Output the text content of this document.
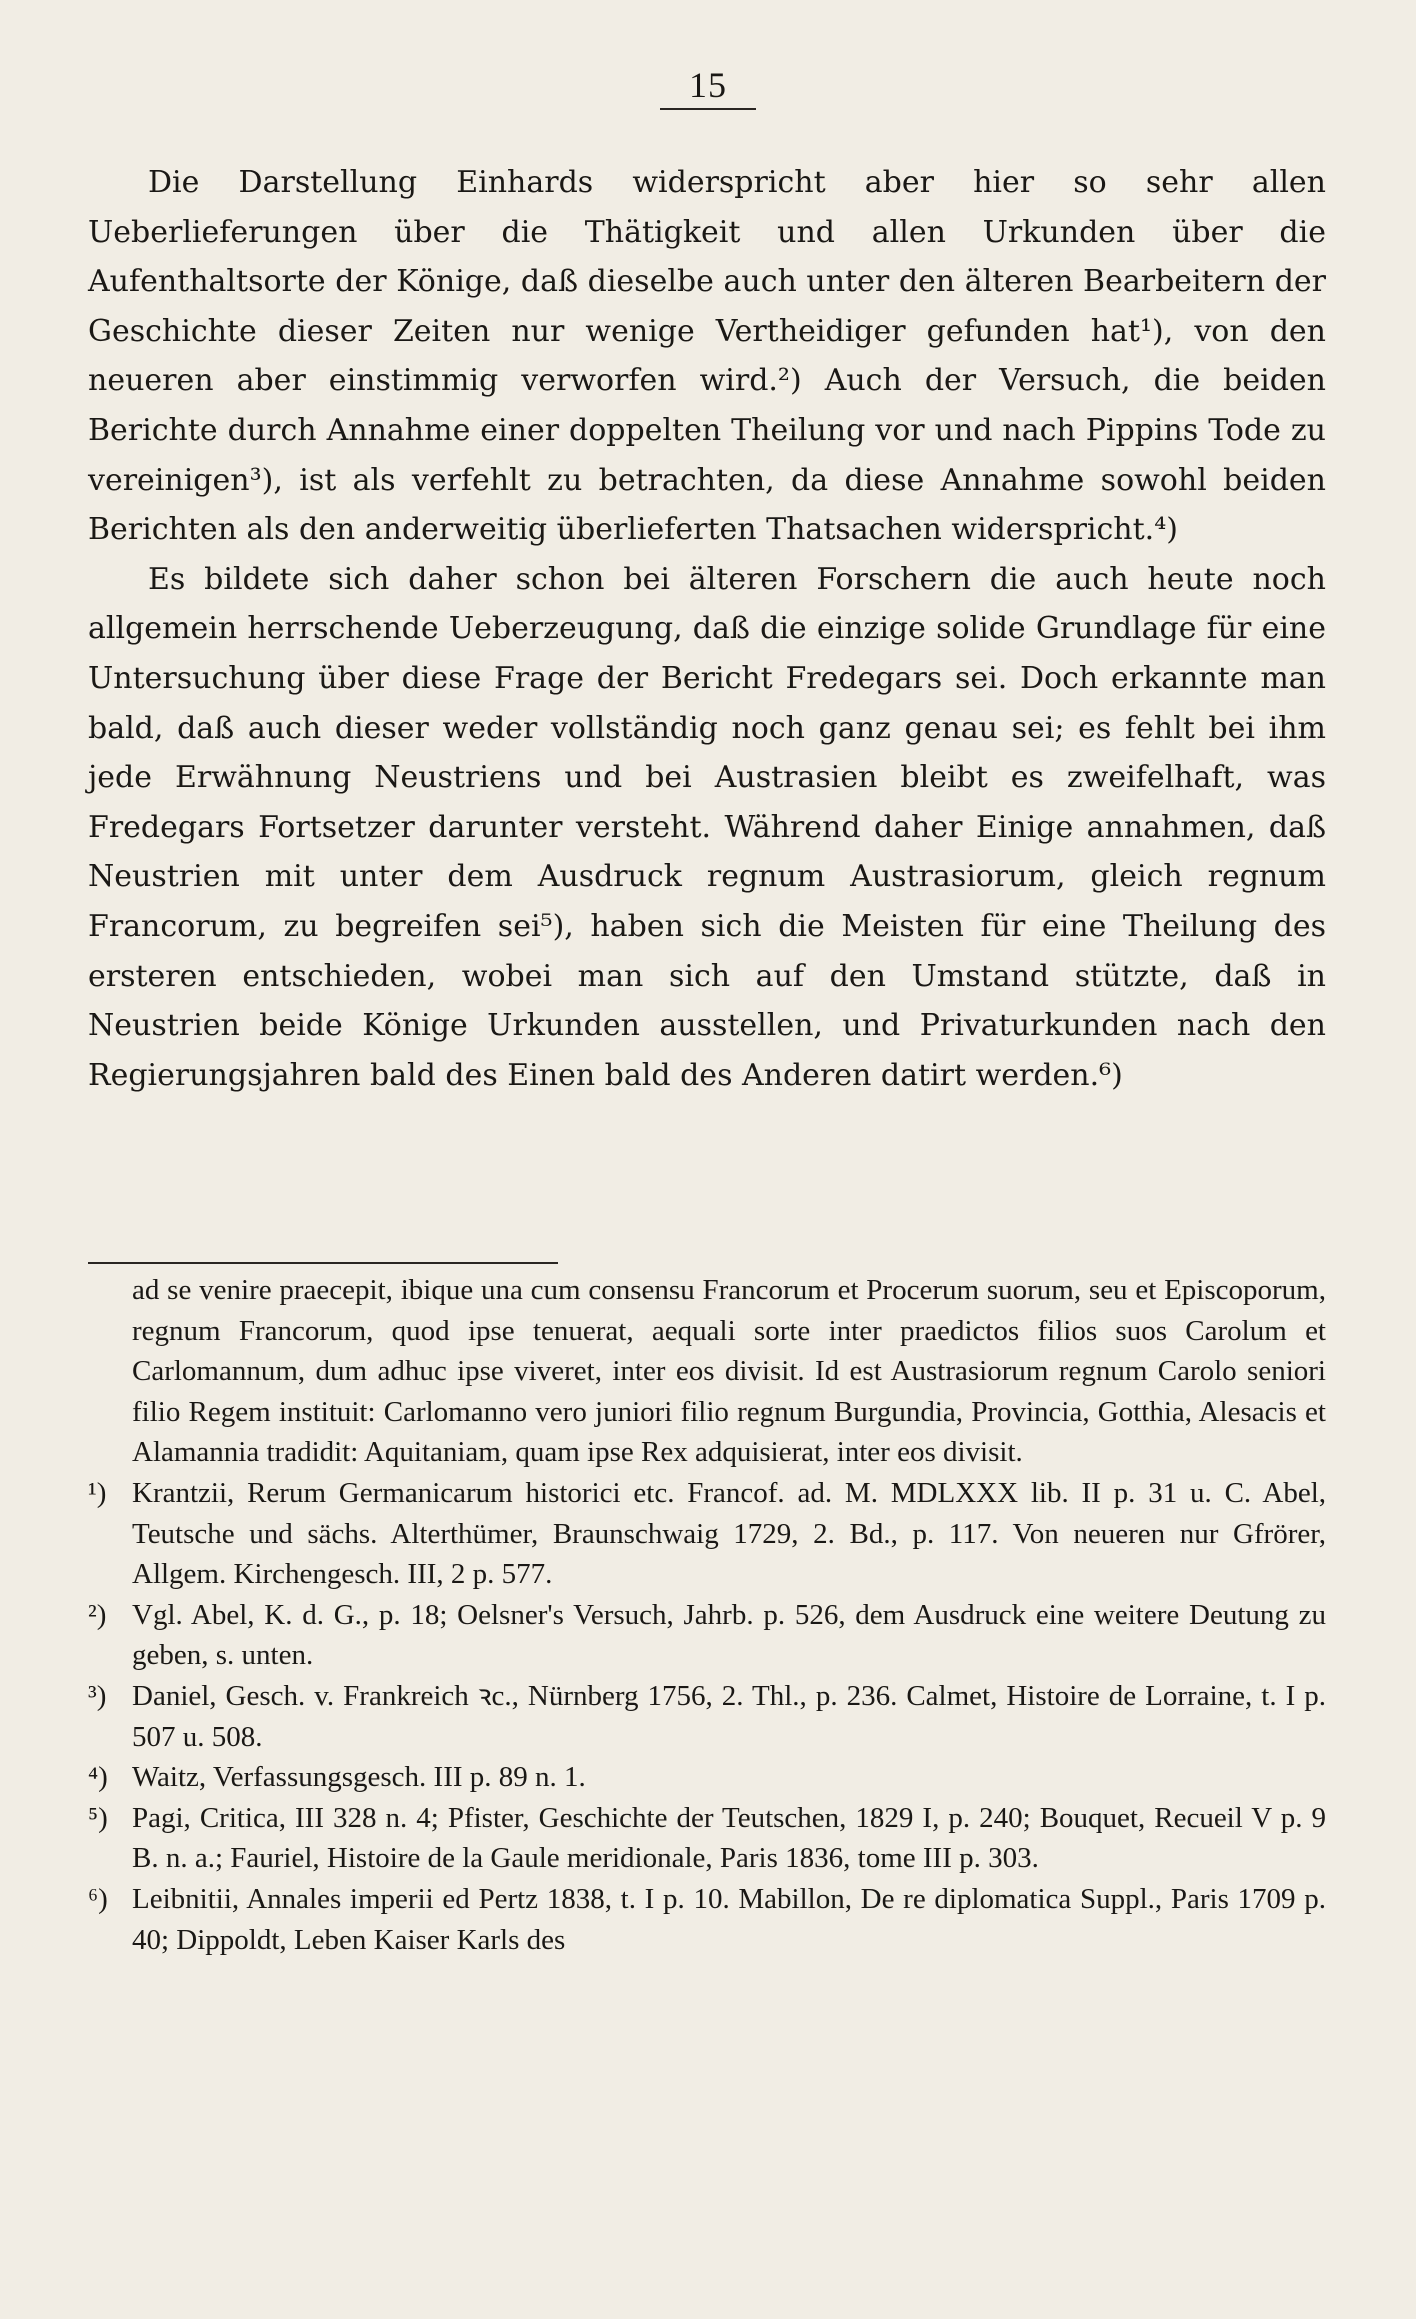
15

Die Darstellung Einhards widerspricht aber hier so sehr allen Ueberlieferungen über die Thätigkeit und allen Urkunden über die Aufenthaltsorte der Könige, daß dieselbe auch unter den älteren Bearbeitern der Geschichte dieser Zeiten nur wenige Vertheidiger gefunden hat¹), von den neueren aber einstimmig verworfen wird.²) Auch der Versuch, die beiden Berichte durch Annahme einer doppelten Theilung vor und nach Pippins Tode zu vereinigen³), ist als verfehlt zu betrachten, da diese Annahme sowohl beiden Berichten als den anderweitig überlieferten Thatsachen widerspricht.⁴)

Es bildete sich daher schon bei älteren Forschern die auch heute noch allgemein herrschende Ueberzeugung, daß die einzige solide Grundlage für eine Untersuchung über diese Frage der Bericht Fredegars sei. Doch erkannte man bald, daß auch dieser weder vollständig noch ganz genau sei; es fehlt bei ihm jede Erwähnung Neustriens und bei Austrasien bleibt es zweifelhaft, was Fredegars Fortsetzer darunter versteht. Während daher Einige annahmen, daß Neustrien mit unter dem Ausdruck regnum Austrasiorum, gleich regnum Francorum, zu begreifen sei⁵), haben sich die Meisten für eine Theilung des ersteren entschieden, wobei man sich auf den Umstand stützte, daß in Neustrien beide Könige Urkunden ausstellen, und Privaturkunden nach den Regierungsjahren bald des Einen bald des Anderen datirt werden.⁶)

ad se venire praecepit, ibique una cum consensu Francorum et Procerum suorum, seu et Episcoporum, regnum Francorum, quod ipse tenuerat, aequali sorte inter praedictos filios suos Carolum et Carlomannum, dum adhuc ipse viveret, inter eos divisit. Id est Austrasiorum regnum Carolo seniori filio Regem instituit: Carlomanno vero juniori filio regnum Burgundia, Provincia, Gotthia, Alesacis et Alamannia tradidit: Aquitaniam, quam ipse Rex adquisierat, inter eos divisit.
¹) Krantzii, Rerum Germanicarum historici etc. Francof. ad. M. MDLXXX lib. II p. 31 u. C. Abel, Teutsche und sächs. Alterthümer, Braunschwaig 1729, 2. Bd., p. 117. Von neueren nur Gfrörer, Allgem. Kirchengesch. III, 2 p. 577.
²) Vgl. Abel, K. d. G., p. 18; Oelsner's Versuch, Jahrb. p. 526, dem Ausdruck eine weitere Deutung zu geben, s. unten.
³) Daniel, Gesch. v. Frankreich ꝛc., Nürnberg 1756, 2. Thl., p. 236. Calmet, Histoire de Lorraine, t. I p. 507 u. 508.
⁴) Waitz, Verfassungsgesch. III p. 89 n. 1.
⁵) Pagi, Critica, III 328 n. 4; Pfister, Geschichte der Teutschen, 1829 I, p. 240; Bouquet, Recueil V p. 9 B. n. a.; Fauriel, Histoire de la Gaule meridionale, Paris 1836, tome III p. 303.
⁶) Leibnitii, Annales imperii ed Pertz 1838, t. I p. 10. Mabillon, De re diplomatica Suppl., Paris 1709 p. 40; Dippoldt, Leben Kaiser Karls des
